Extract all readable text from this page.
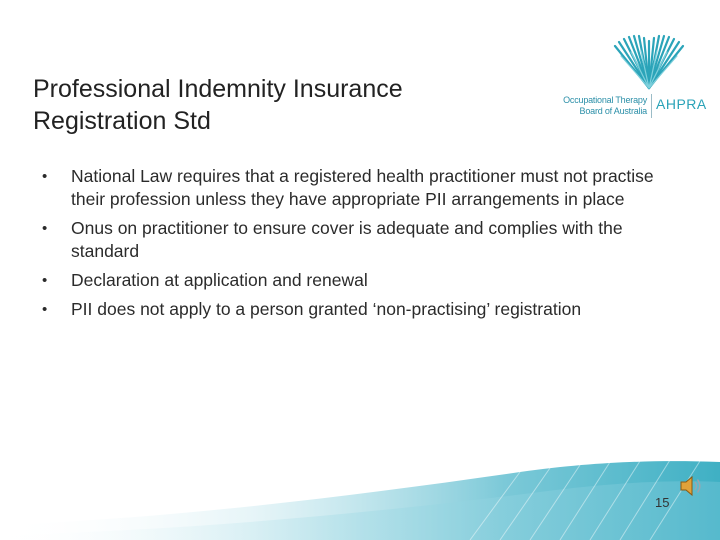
Professional Indemnity Insurance
Registration Std
Occupational Therapy
Board of Australia AHPRA
• National Law requires that a registered health practitioner must not practise their profession unless they have appropriate PII arrangements in place
• Onus on practitioner to ensure cover is adequate and complies with the standard
• Declaration at application and renewal
• PII does not apply to a person granted ‘non-practising’ registration
15
